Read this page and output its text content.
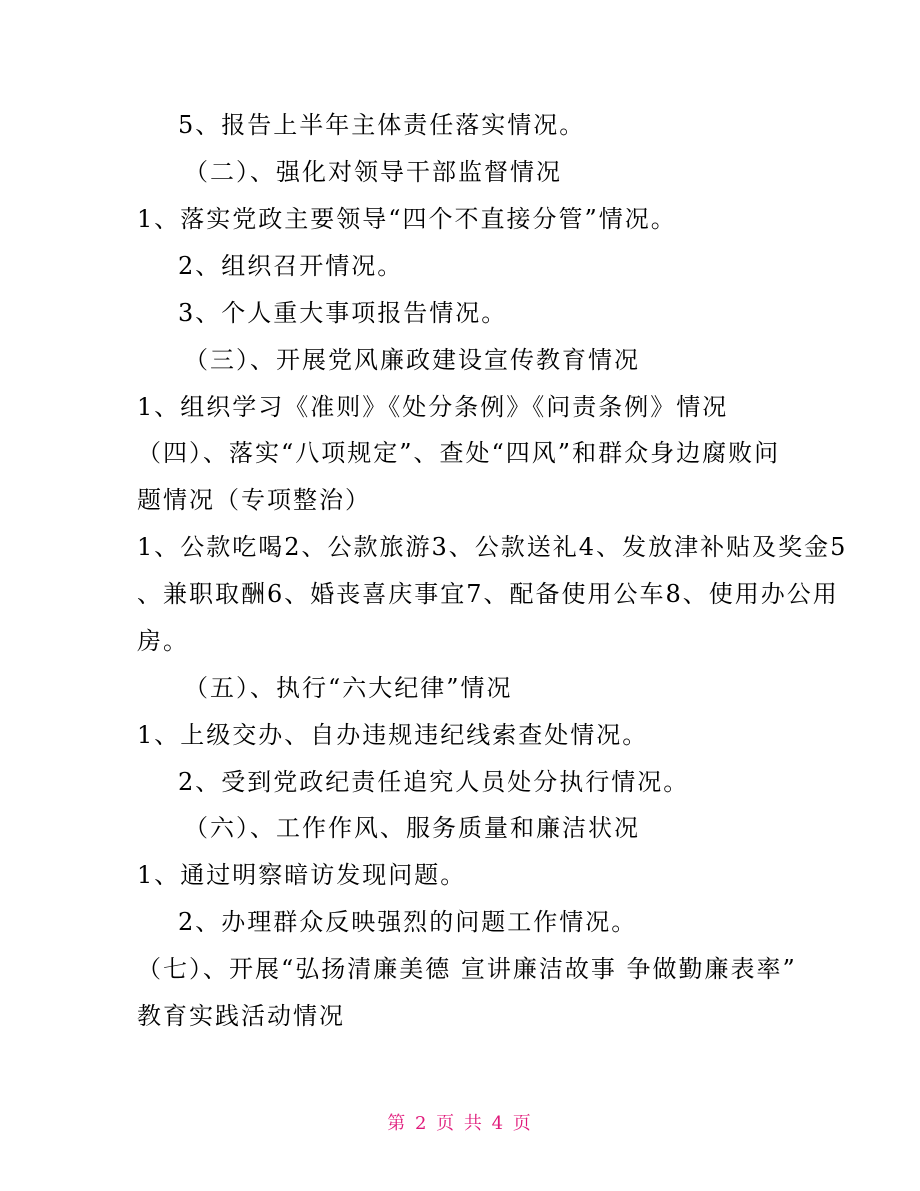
5、报告上半年主体责任落实情况。
（二）、强化对领导干部监督情况
1、落实党政主要领导“四个不直接分管”情况。
2、组织召开情况。
3、个人重大事项报告情况。
（三）、开展党风廉政建设宣传教育情况
1、组织学习《准则》《处分条例》《问责条例》情况
（四）、落实“八项规定”、查处“四风”和群众身边腐败问
题情况（专项整治）
1、公款吃喝2、公款旅游3、公款送礼4、发放津补贴及奖金5
、兼职取酬6、婚丧喜庆事宜7、配备使用公车8、使用办公用
房。
（五）、执行“六大纪律”情况
1、上级交办、自办违规违纪线索查处情况。
2、受到党政纪责任追究人员处分执行情况。
（六）、工作作风、服务质量和廉洁状况
1、通过明察暗访发现问题。
2、办理群众反映强烈的问题工作情况。
（七）、开展“弘扬清廉美德 宣讲廉洁故事 争做勤廉表率”
教育实践活动情况
第 2 页 共 4 页
